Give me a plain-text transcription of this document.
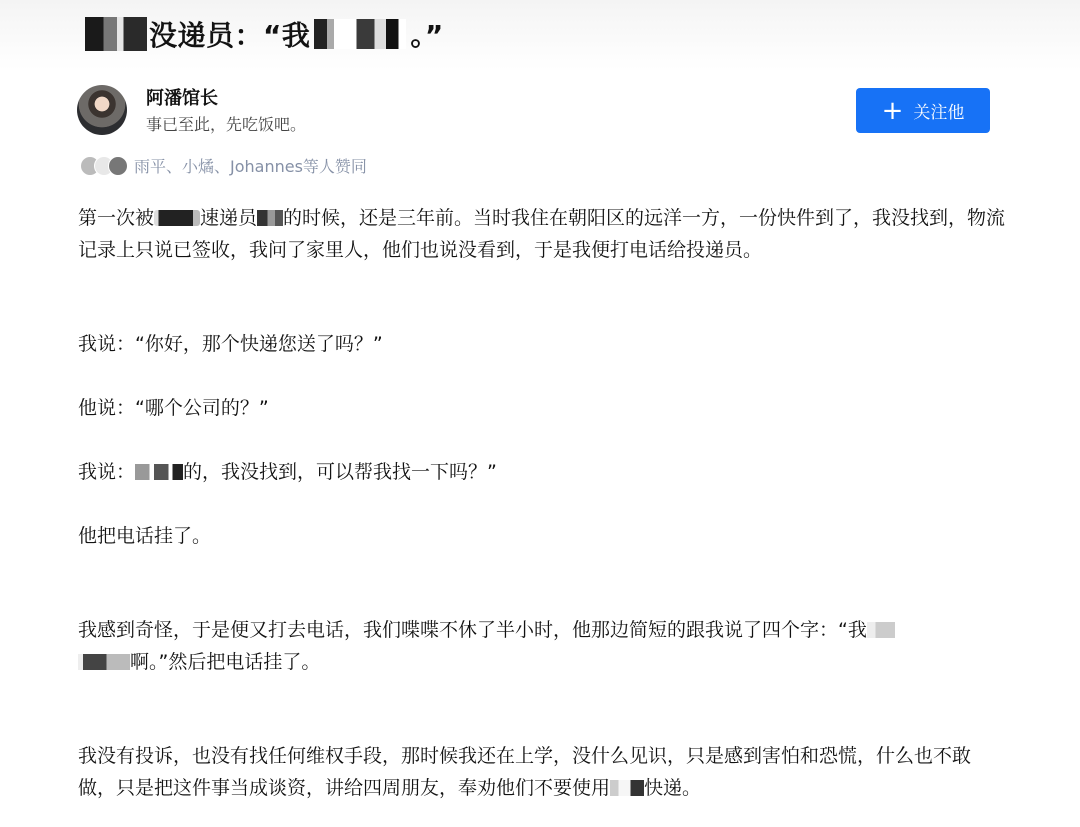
没递员：“我	。”
阿潘馆长
事已至此，先吃饭吧。	+ 关注他
雨平、小燏、Johannes等人赞同
第一次被 速递员 的时候，还是三年前。当时我住在朝阳区的远洋一方，一份快件到了，我没找到，物流记录上只说已签收，我问了家里人，他们也说没看到，于是我便打电话给投递员。
我说：“你好，那个快递您送了吗？”
他说：“哪个公司的？”
我说：	的，我没找到，可以帮我找一下吗？”
他把电话挂了。
我感到奇怪，于是便又打去电话，我们喋喋不休了半小时，他那边简短的跟我说了四个字：“我
啊。”然后把电话挂了。
我没有投诉，也没有找任何维权手段，那时候我还在上学，没什么见识，只是感到害怕和恐慌，什么也不敢做，只是把这件事当成谈资，讲给四周朋友，奉劝他们不要使用 快递。
